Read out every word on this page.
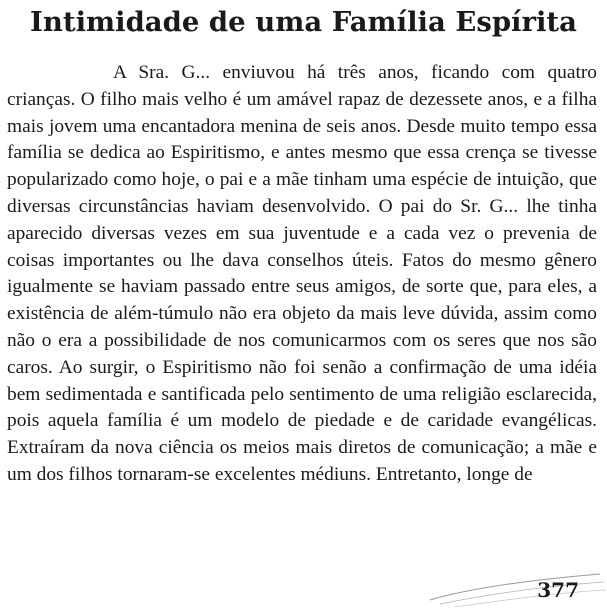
Intimidade de uma Família Espírita

A Sra. G... enviuvou há três anos, ficando com quatro crianças. O filho mais velho é um amável rapaz de dezessete anos, e a filha mais jovem uma encantadora menina de seis anos. Desde muito tempo essa família se dedica ao Espiritismo, e antes mesmo que essa crença se tivesse popularizado como hoje, o pai e a mãe tinham uma espécie de intuição, que diversas circunstâncias haviam desenvolvido. O pai do Sr. G... lhe tinha aparecido diversas vezes em sua juventude e a cada vez o prevenia de coisas importantes ou lhe dava conselhos úteis. Fatos do mesmo gênero igualmente se haviam passado entre seus amigos, de sorte que, para eles, a existência de além-túmulo não era objeto da mais leve dúvida, assim como não o era a possibilidade de nos comunicarmos com os seres que nos são caros. Ao surgir, o Espiritismo não foi senão a confirmação de uma idéia bem sedimentada e santificada pelo sentimento de uma religião esclarecida, pois aquela família é um modelo de piedade e de caridade evangélicas. Extraíram da nova ciência os meios mais diretos de comunicação; a mãe e um dos filhos tornaram-se excelentes médiuns. Entretanto, longe de

377
